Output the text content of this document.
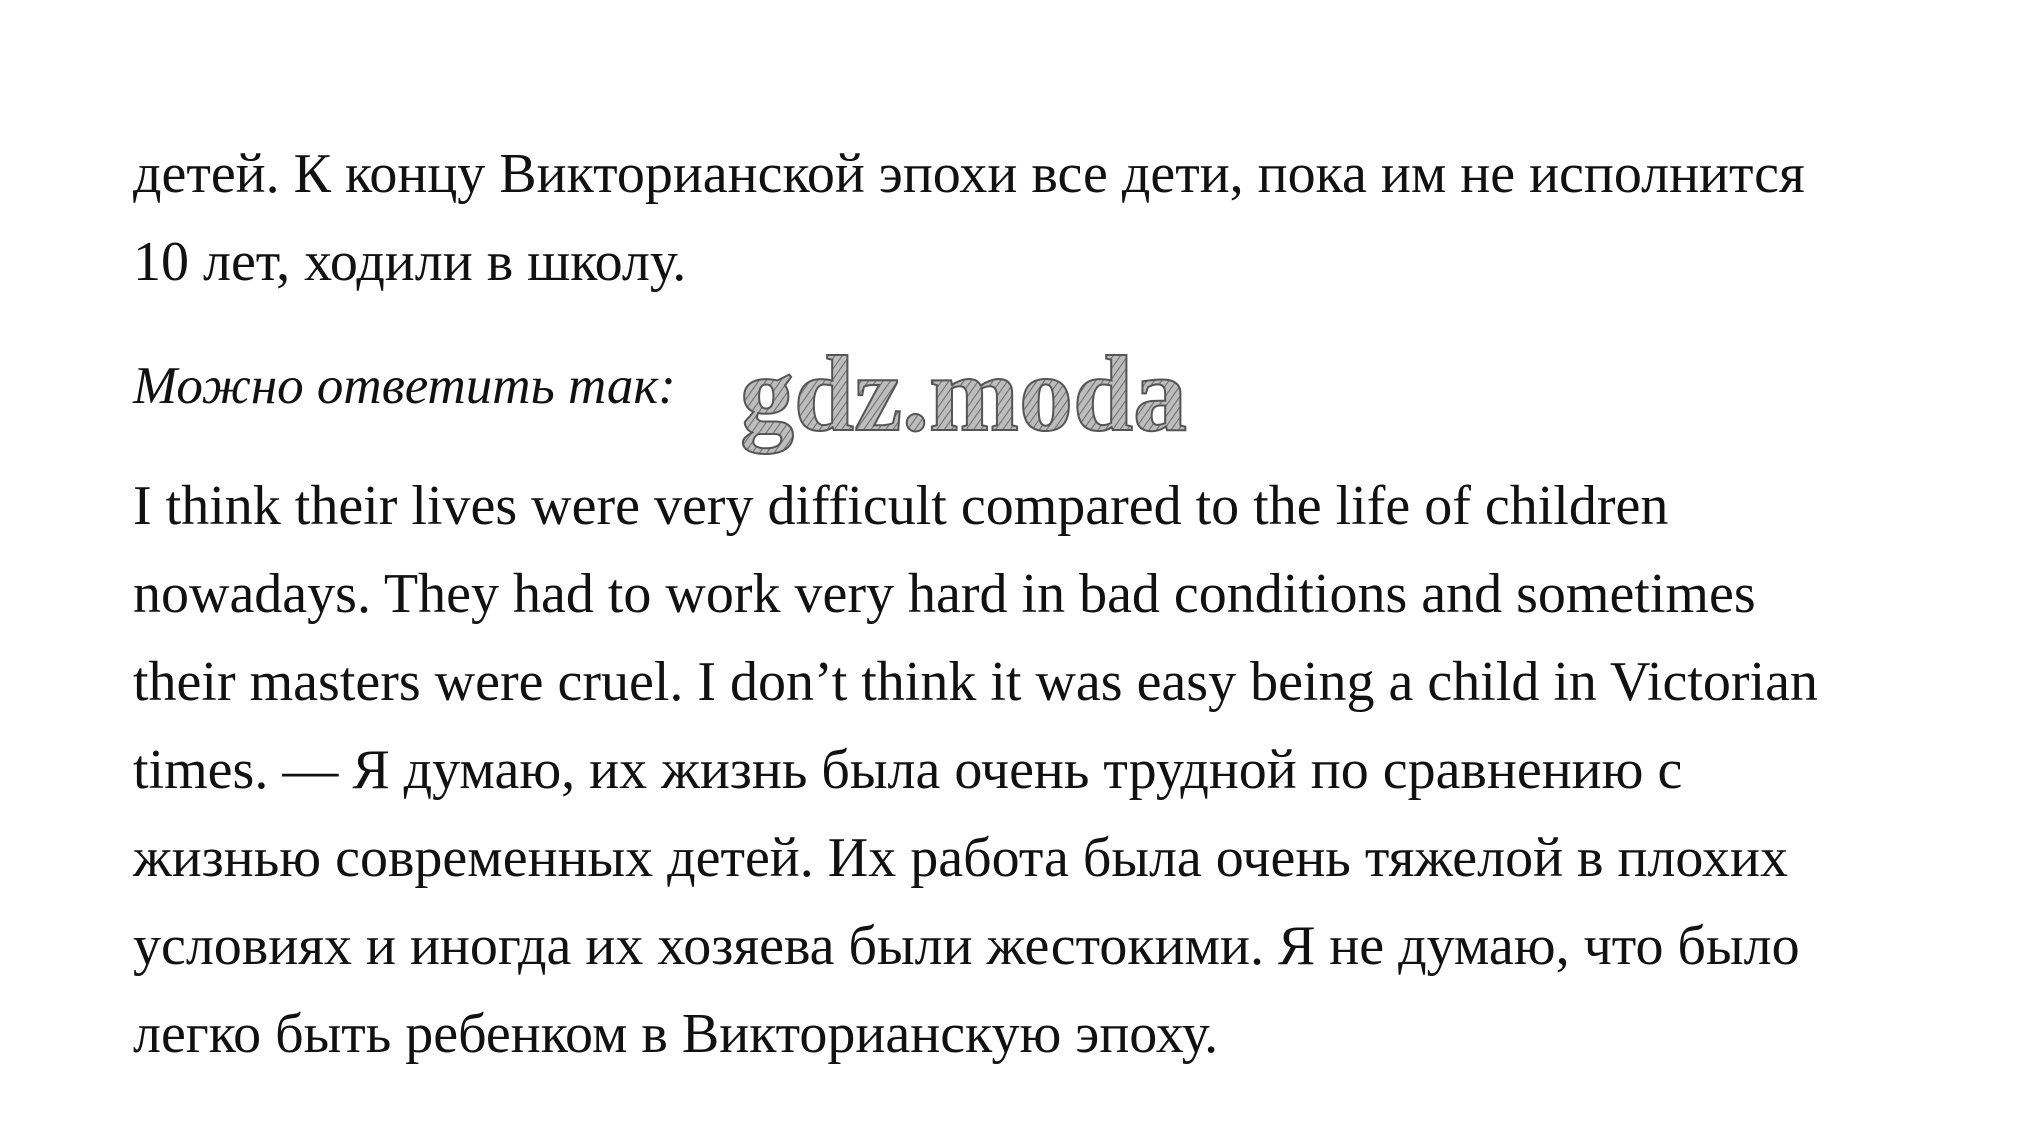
детей. К концу Викторианской эпохи все дети, пока им не исполнится
10 лет, ходили в школу.
Можно ответить так: gdz.moda
I think their lives were very difficult compared to the life of children
nowadays. They had to work very hard in bad conditions and sometimes
their masters were cruel. I don’t think it was easy being a child in Victorian
times. — Я думаю, их жизнь была очень трудной по сравнению с
жизнью современных детей. Их работа была очень тяжелой в плохих
условиях и иногда их хозяева были жестокими. Я не думаю, что было
легко быть ребенком в Викторианскую эпоху.
